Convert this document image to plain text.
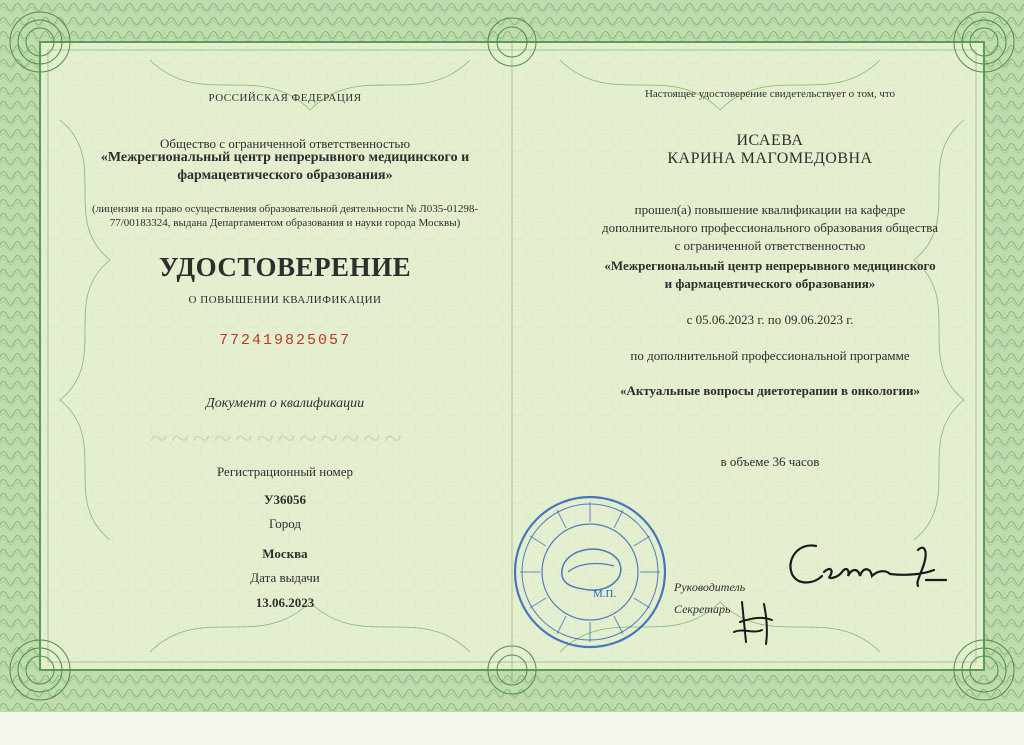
~~~~~~~~~~~~
РОССИЙСКАЯ ФЕДЕРАЦИЯ
Общество с ограниченной ответственностью
«Межрегиональный центр непрерывного медицинского и
фармацевтического образования»
(лицензия на право осуществления образовательной деятельности № Л035-01298-
77/00183324, выдана Департаментом образования и науки города Москвы)
УДОСТОВЕРЕНИЕ
О ПОВЫШЕНИИ КВАЛИФИКАЦИИ
772419825057
Документ о квалификации
Регистрационный номер
У36056
Город
Москва
Дата выдачи
13.06.2023
Настоящее удостоверение свидетельствует о том, что
ИСАЕВА
КАРИНА МАГОМЕДОВНА
прошел(а) повышение квалификации на кафедре
дополнительного профессионального образования общества
с ограниченной ответственностью
«Межрегиональный центр непрерывного медицинского
и фармацевтического образования»
с 05.06.2023 г. по 09.06.2023 г.
по дополнительной профессиональной программе
«Актуальные вопросы диетотерапии в онкологии»
в объеме 36 часов
Руководитель
Секретарь
М.П.
